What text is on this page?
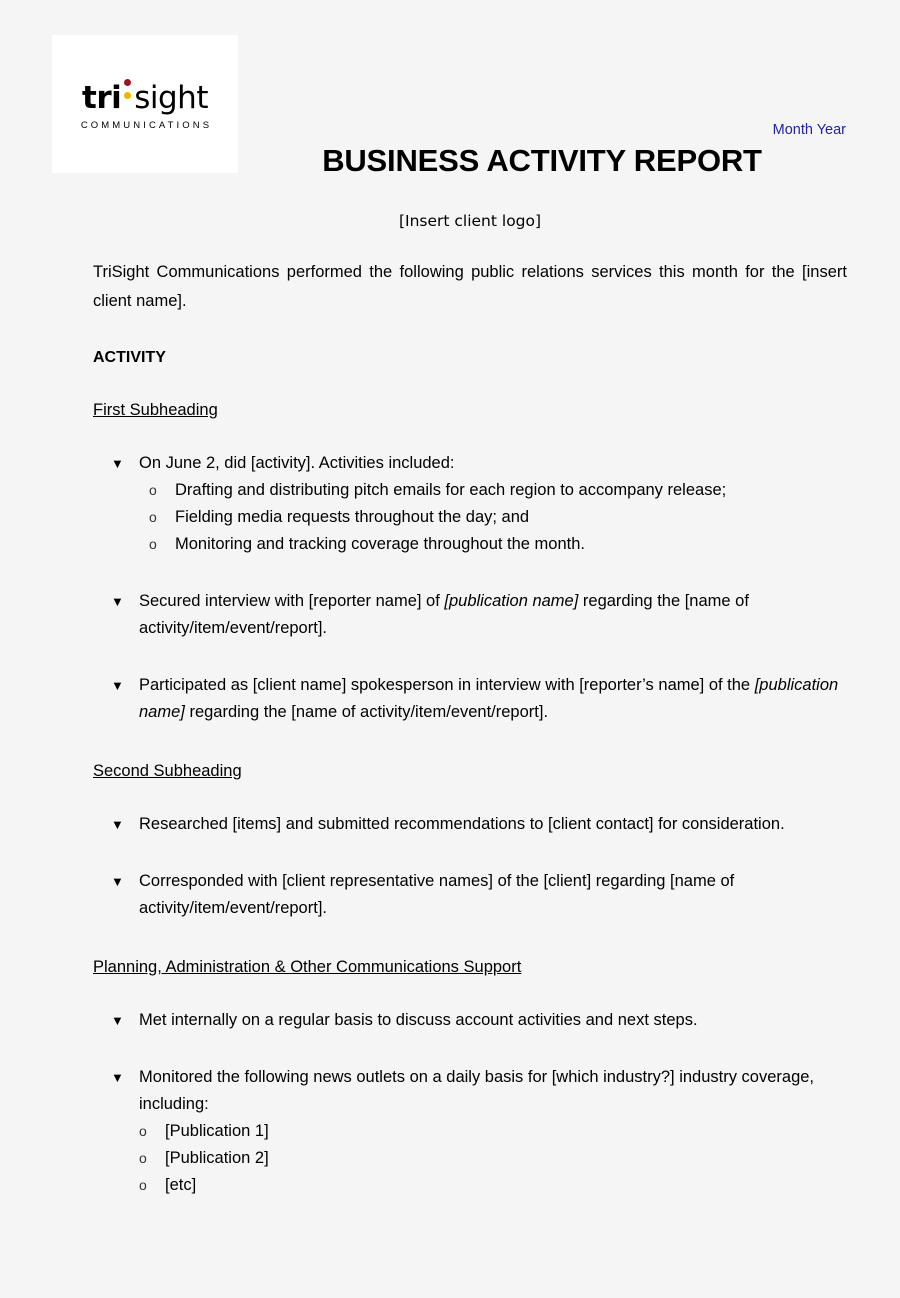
tri sight
COMMUNICATIONS	Month Year
BUSINESS ACTIVITY REPORT
[Insert client logo]

TriSight Communications performed the following public relations services this month for the [insert client name].

ACTIVITY
First Subheading
▼ On June 2, did [activity]. Activities included:
o Drafting and distributing pitch emails for each region to accompany release;
o Fielding media requests throughout the day; and
o Monitoring and tracking coverage throughout the month.
▼ Secured interview with [reporter name] of [publication name] regarding the [name of activity/item/event/report].
▼ Participated as [client name] spokesperson in interview with [reporter’s name] of the [publication name] regarding the [name of activity/item/event/report].
Second Subheading
▼ Researched [items] and submitted recommendations to [client contact] for consideration.
▼ Corresponded with [client representative names] of the [client] regarding [name of activity/item/event/report].
Planning, Administration & Other Communications Support
▼ Met internally on a regular basis to discuss account activities and next steps.
▼ Monitored the following news outlets on a daily basis for [which industry?] industry coverage, including:
o [Publication 1]
o [Publication 2]
o [etc]
